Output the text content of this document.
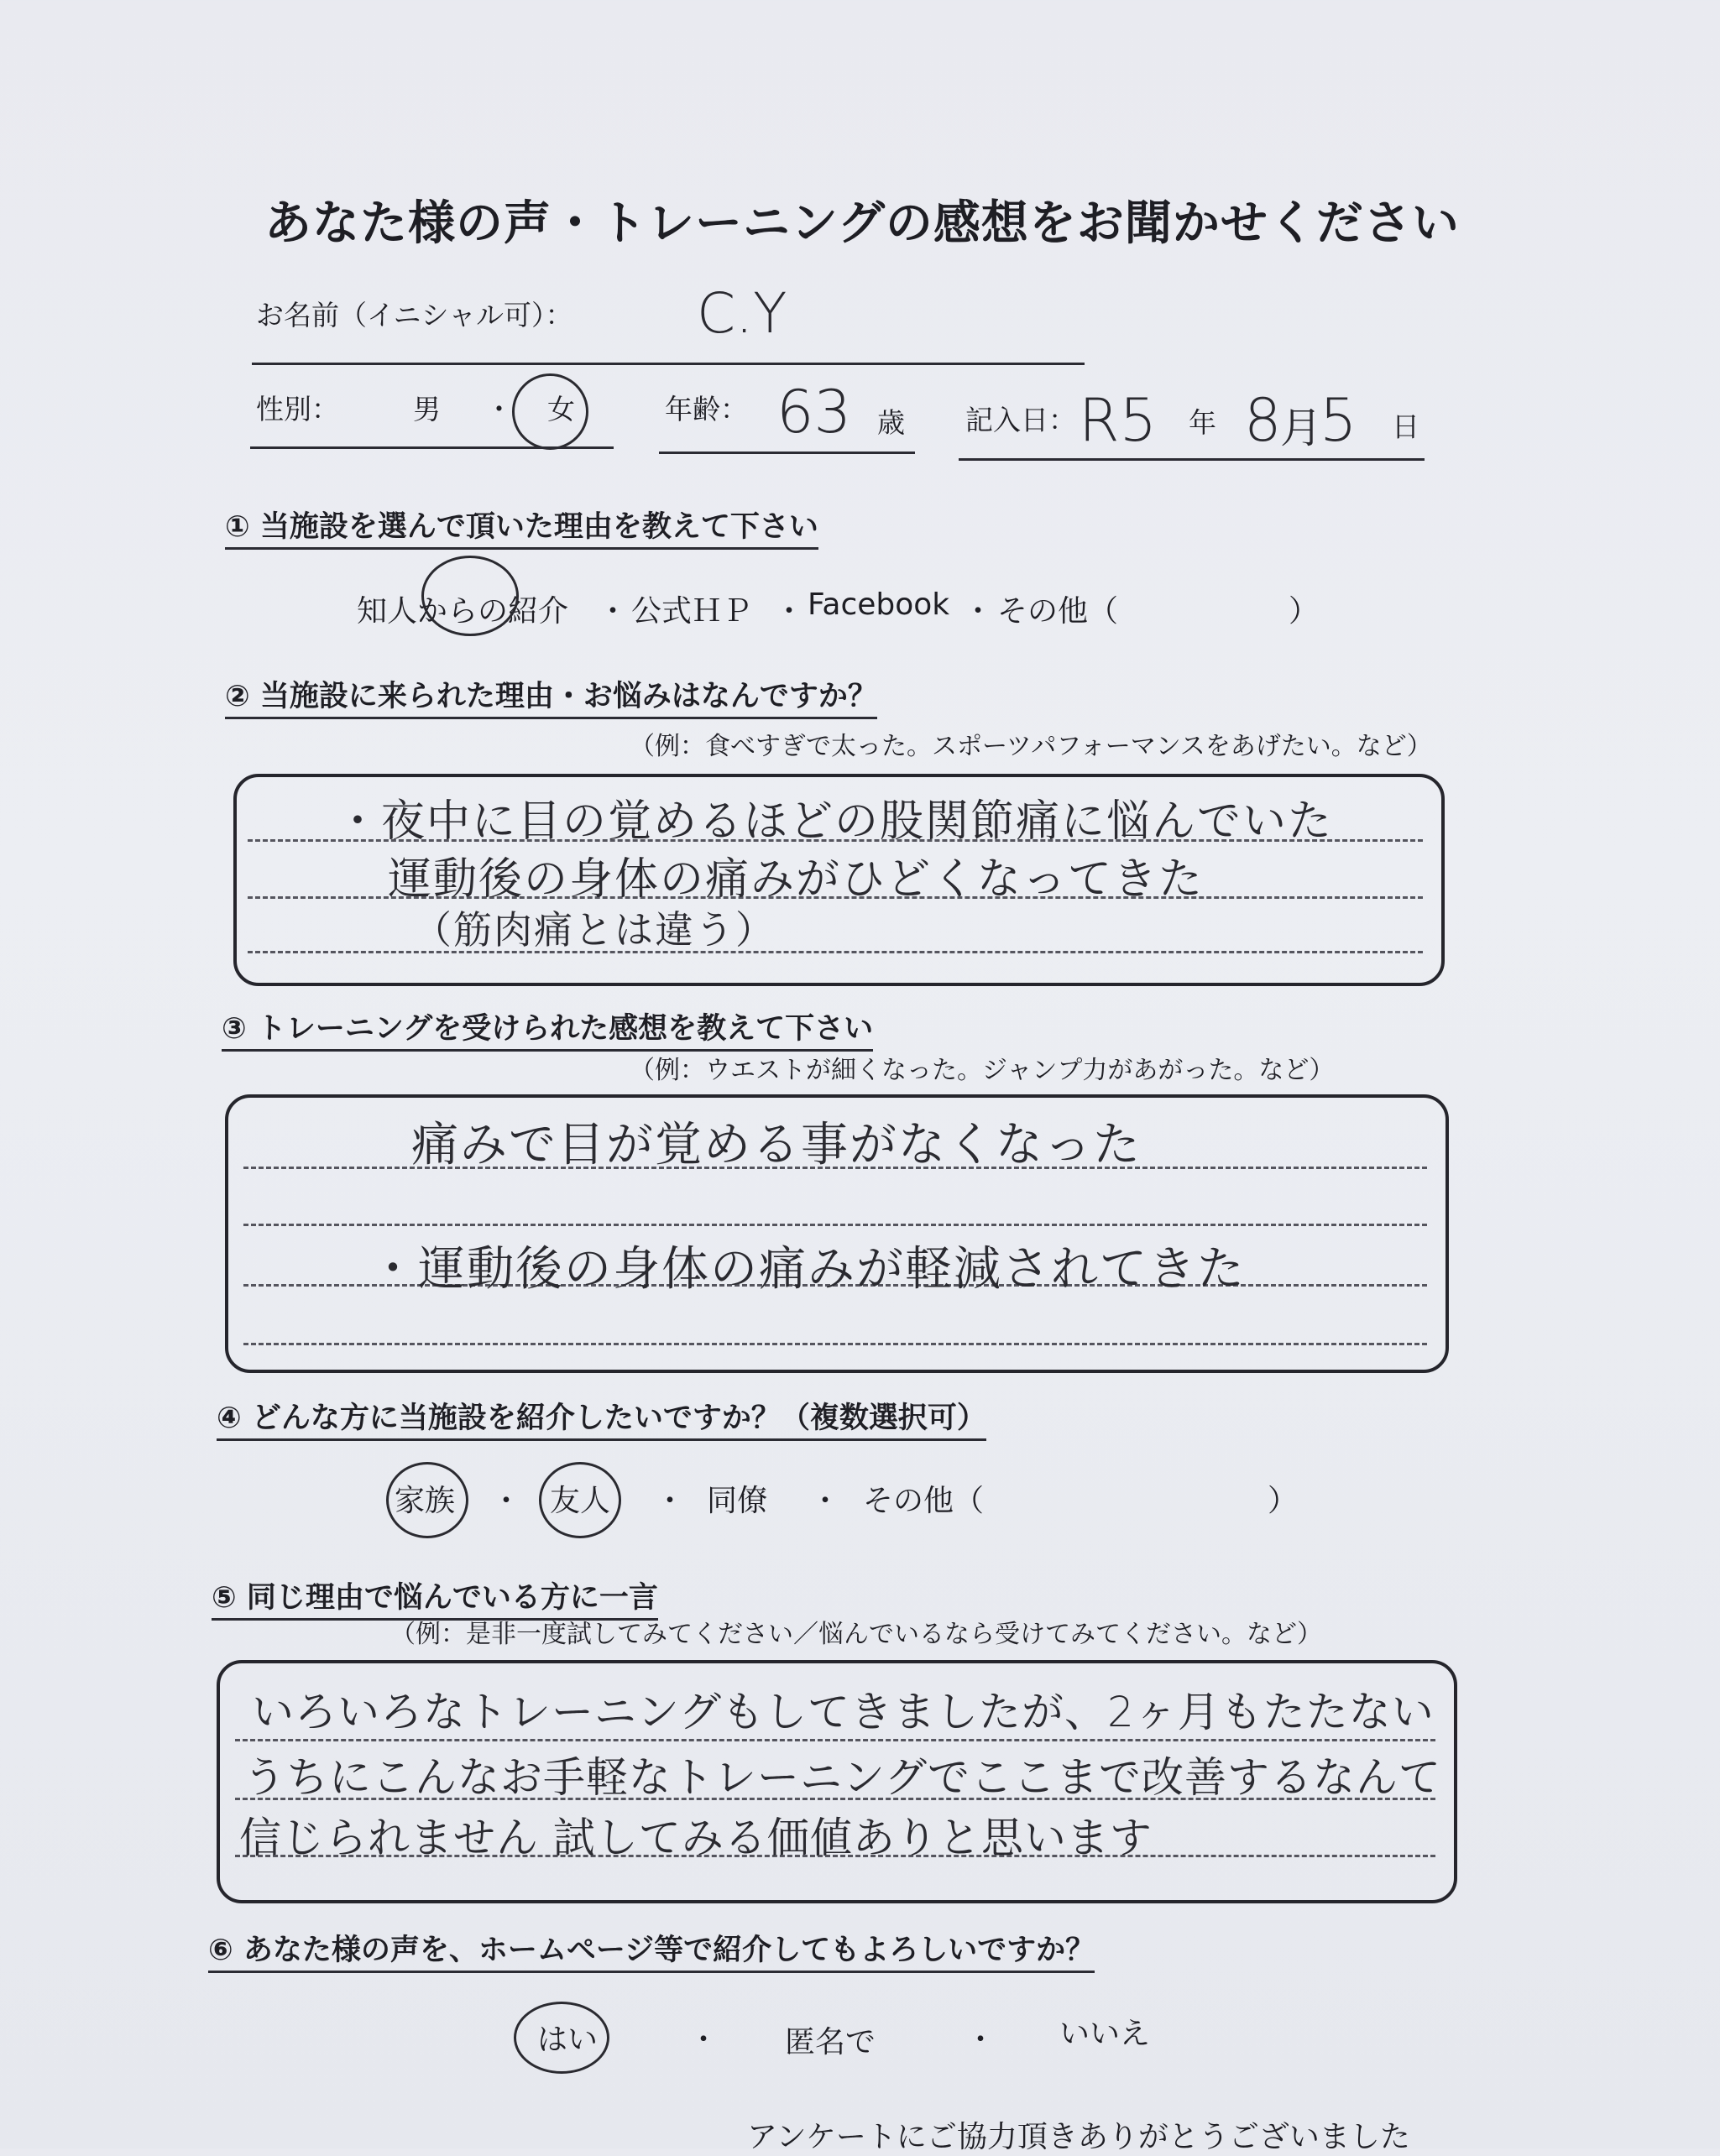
あなた様の声・トレーニングの感想をお聞かせください
お名前（イニシャル可）： C.Y
性別：	男 ・ 女	年齢： 63 歳 記入日： R5 年 8
月
5 日
① 当施設を選んで頂いた理由を教えて下さい
知人からの紹介 ・ 公式ＨＰ ・ Facebook ・ その他（	）
② 当施設に来られた理由・お悩みはなんですか？
（例：食べすぎで太った。スポーツパフォーマンスをあげたい。など）
・夜中に目の覚めるほどの股関節痛に悩んでいた
運動後の身体の痛みがひどくなってきた
（筋肉痛とは違う）
③ トレーニングを受けられた感想を教えて下さい
（例：ウエストが細くなった。ジャンプ力があがった。など）
痛みで目が覚める事がなくなった
・運動後の身体の痛みが軽減されてきた
④ どんな方に当施設を紹介したいですか？（複数選択可）
家族 ・ 友人 ・ 同僚 ・ その他（	）
⑤ 同じ理由で悩んでいる方に一言
（例：是非一度試してみてください／悩んでいるなら受けてみてください。など）
いろいろなトレーニングもしてきましたが、2ヶ月もたたない
うちにこんなお手軽なトレーニングでここまで改善するなんて
信じられません 試してみる価値ありと思います
⑥ あなた様の声を、ホームページ等で紹介してもよろしいですか？
はい	・ 匿名で	・ いいえ
アンケートにご協力頂きありがとうございました
